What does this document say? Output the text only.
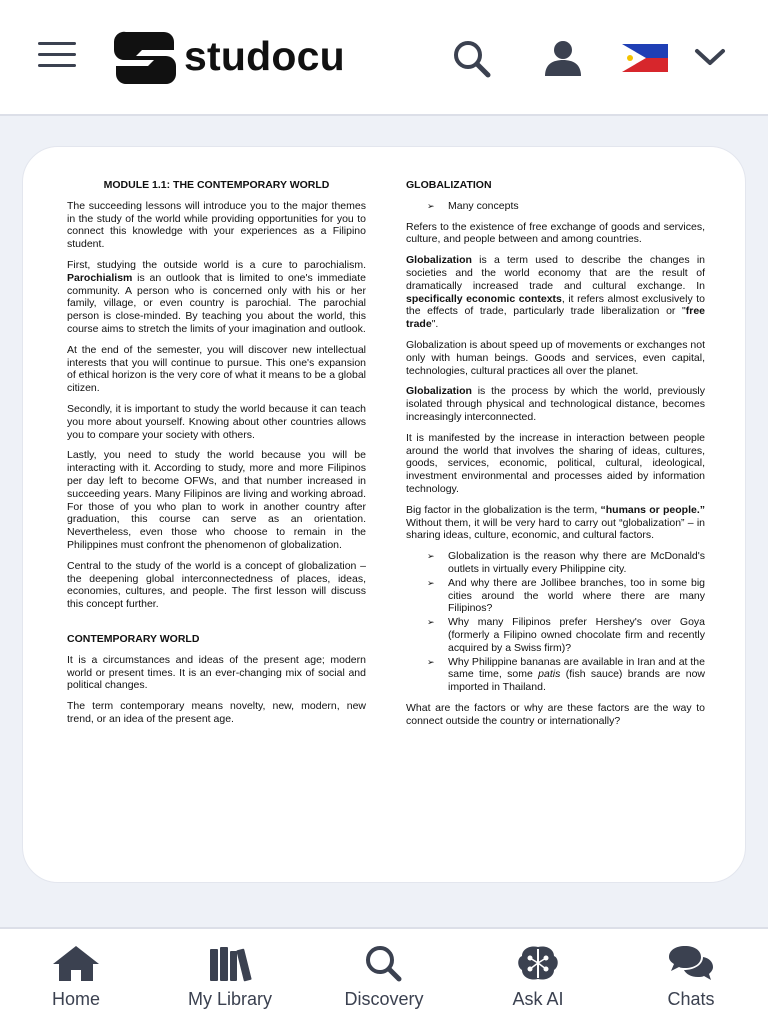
studocu

MODULE 1.1: THE CONTEMPORARY WORLD

The succeeding lessons will introduce you to the major themes in the study of the world while providing opportunities for you to connect this knowledge with your experiences as a Filipino student.

First, studying the outside world is a cure to parochialism. Parochialism is an outlook that is limited to one's immediate community. A person who is concerned only with his or her family, village, or even country is parochial. The parochial person is close-minded. By teaching you about the world, this course aims to stretch the limits of your imagination and outlook.

At the end of the semester, you will discover new intellectual interests that you will continue to pursue. This one's expansion of ethical horizon is the very core of what it means to be a global citizen.

Secondly, it is important to study the world because it can teach you more about yourself. Knowing about other countries allows you to compare your society with others.

Lastly, you need to study the world because you will be interacting with it. According to study, more and more Filipinos per day left to become OFWs, and that number increased in succeeding years. Many Filipinos are living and working abroad. For those of you who plan to work in another country after graduation, this course can serve as an orientation. Nevertheless, even those who choose to remain in the Philippines must confront the phenomenon of globalization.

Central to the study of the world is a concept of globalization – the deepening global interconnectedness of places, ideas, economies, cultures, and people. The first lesson will discuss this concept further.

CONTEMPORARY WORLD

It is a circumstances and ideas of the present age; modern world or present times. It is an ever-changing mix of social and political changes.

The term contemporary means novelty, new, modern, new trend, or an idea of the present age.

GLOBALIZATION

➢ Many concepts

Refers to the existence of free exchange of goods and services, culture, and people between and among countries.

Globalization is a term used to describe the changes in societies and the world economy that are the result of dramatically increased trade and cultural exchange. In specifically economic contexts, it refers almost exclusively to the effects of trade, particularly trade liberalization or "free trade".

Globalization is about speed up of movements or exchanges not only with human beings. Goods and services, even capital, technologies, cultural practices all over the planet.

Globalization is the process by which the world, previously isolated through physical and technological distance, becomes increasingly interconnected.

It is manifested by the increase in interaction between people around the world that involves the sharing of ideas, cultures, goods, services, economic, political, cultural, ideological, investment environmental and processes aided by information technology.

Big factor in the globalization is the term, “humans or people.” Without them, it will be very hard to carry out “globalization” – in sharing ideas, culture, economic, and cultural factors.

➢ Globalization is the reason why there are McDonald's outlets in virtually every Philippine city.
➢ And why there are Jollibee branches, too in some big cities around the world where there are many Filipinos?
➢ Why many Filipinos prefer Hershey's over Goya (formerly a Filipino owned chocolate firm and recently acquired by a Swiss firm)?
➢ Why Philippine bananas are available in Iran and at the same time, some patis (fish sauce) brands are now imported in Thailand.

What are the factors or why are these factors are the way to connect outside the country or internationally?

Home	My Library	Discovery	Ask AI	Chats
